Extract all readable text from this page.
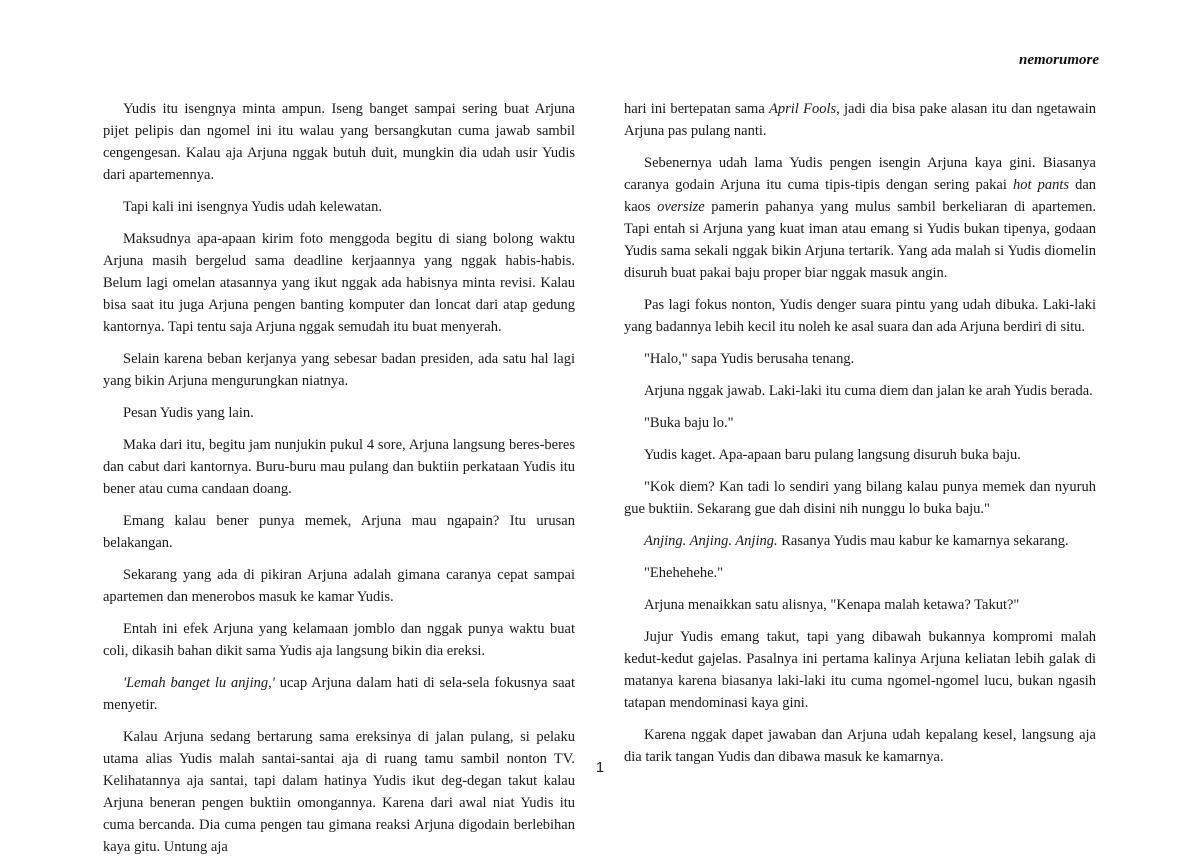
nemorumore

Yudis itu isengnya minta ampun. Iseng banget sampai sering buat Arjuna pijet pelipis dan ngomel ini itu walau yang bersangkutan cuma jawab sambil cengengesan. Kalau aja Arjuna nggak butuh duit, mungkin dia udah usir Yudis dari apartemennya.

Tapi kali ini isengnya Yudis udah kelewatan.

Maksudnya apa-apaan kirim foto menggoda begitu di siang bolong waktu Arjuna masih bergelud sama deadline kerjaannya yang nggak habis-habis. Belum lagi omelan atasannya yang ikut nggak ada habisnya minta revisi. Kalau bisa saat itu juga Arjuna pengen banting komputer dan loncat dari atap gedung kantornya. Tapi tentu saja Arjuna nggak semudah itu buat menyerah.

Selain karena beban kerjanya yang sebesar badan presiden, ada satu hal lagi yang bikin Arjuna mengurungkan niatnya.

Pesan Yudis yang lain.

Maka dari itu, begitu jam nunjukin pukul 4 sore, Arjuna langsung beres-beres dan cabut dari kantornya. Buru-buru mau pulang dan buktiin perkataan Yudis itu bener atau cuma candaan doang.

Emang kalau bener punya memek, Arjuna mau ngapain? Itu urusan belakangan.

Sekarang yang ada di pikiran Arjuna adalah gimana caranya cepat sampai apartemen dan menerobos masuk ke kamar Yudis.

Entah ini efek Arjuna yang kelamaan jomblo dan nggak punya waktu buat coli, dikasih bahan dikit sama Yudis aja langsung bikin dia ereksi.

'Lemah banget lu anjing,' ucap Arjuna dalam hati di sela-sela fokusnya saat menyetir.

Kalau Arjuna sedang bertarung sama ereksinya di jalan pulang, si pelaku utama alias Yudis malah santai-santai aja di ruang tamu sambil nonton TV. Kelihatannya aja santai, tapi dalam hatinya Yudis ikut deg-degan takut kalau Arjuna beneran pengen buktiin omongannya. Karena dari awal niat Yudis itu cuma bercanda. Dia cuma pengen tau gimana reaksi Arjuna digodain berlebihan kaya gitu. Untung aja

hari ini bertepatan sama April Fools, jadi dia bisa pake alasan itu dan ngetawain Arjuna pas pulang nanti.

Sebenernya udah lama Yudis pengen isengin Arjuna kaya gini. Biasanya caranya godain Arjuna itu cuma tipis-tipis dengan sering pakai hot pants dan kaos oversize pamerin pahanya yang mulus sambil berkeliaran di apartemen. Tapi entah si Arjuna yang kuat iman atau emang si Yudis bukan tipenya, godaan Yudis sama sekali nggak bikin Arjuna tertarik. Yang ada malah si Yudis diomelin disuruh buat pakai baju proper biar nggak masuk angin.

Pas lagi fokus nonton, Yudis denger suara pintu yang udah dibuka. Laki-laki yang badannya lebih kecil itu noleh ke asal suara dan ada Arjuna berdiri di situ.

"Halo," sapa Yudis berusaha tenang.

Arjuna nggak jawab. Laki-laki itu cuma diem dan jalan ke arah Yudis berada.

"Buka baju lo."

Yudis kaget. Apa-apaan baru pulang langsung disuruh buka baju.

"Kok diem? Kan tadi lo sendiri yang bilang kalau punya memek dan nyuruh gue buktiin. Sekarang gue dah disini nih nunggu lo buka baju."

Anjing. Anjing. Anjing. Rasanya Yudis mau kabur ke kamarnya sekarang.

"Ehehehehe."

Arjuna menaikkan satu alisnya, "Kenapa malah ketawa? Takut?"

Jujur Yudis emang takut, tapi yang dibawah bukannya kompromi malah kedut-kedut gajelas. Pasalnya ini pertama kalinya Arjuna keliatan lebih galak di matanya karena biasanya laki-laki itu cuma ngomel-ngomel lucu, bukan ngasih tatapan mendominasi kaya gini.

Karena nggak dapet jawaban dan Arjuna udah kepalang kesel, langsung aja dia tarik tangan Yudis dan dibawa masuk ke kamarnya.

1
